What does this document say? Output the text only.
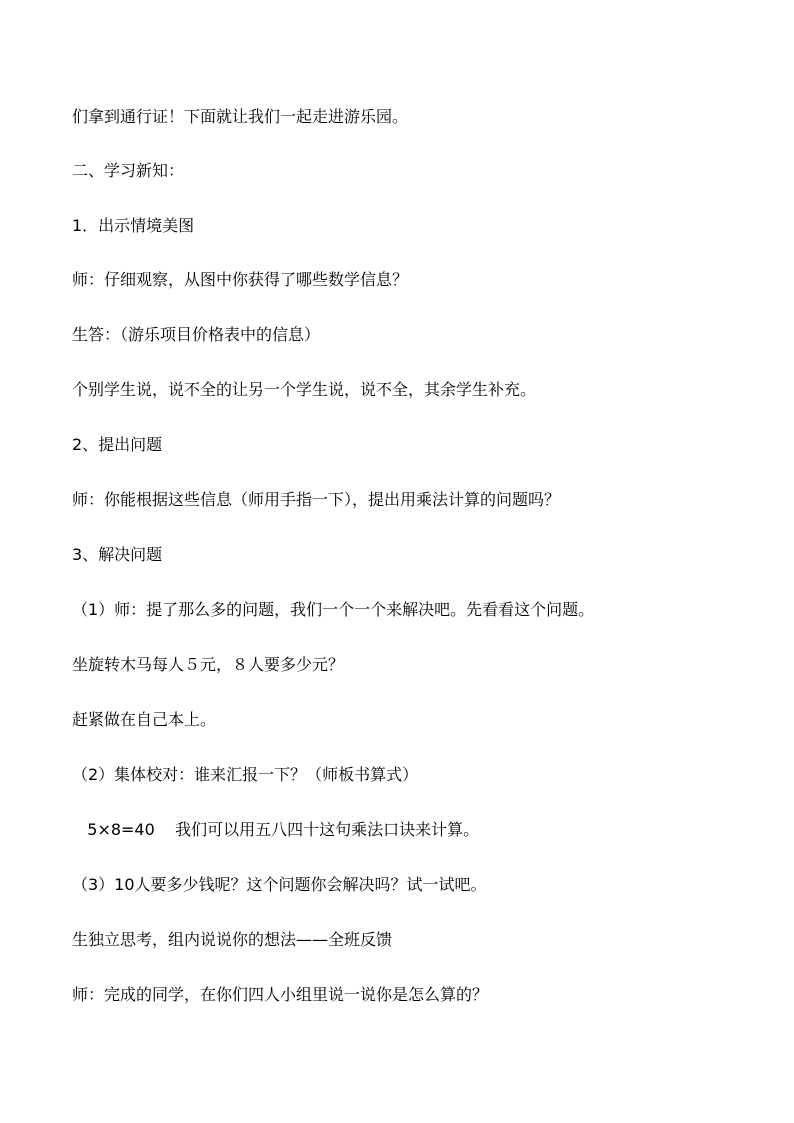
们拿到通行证！下面就让我们一起走进游乐园。
二、学习新知：
1．出示情境美图
师：仔细观察，从图中你获得了哪些数学信息？
生答：（游乐项目价格表中的信息）
个别学生说，说不全的让另一个学生说，说不全，其余学生补充。
2、提出问题
师：你能根据这些信息（师用手指一下），提出用乘法计算的问题吗？
3、解决问题
（1）师：提了那么多的问题，我们一个一个来解决吧。先看看这个问题。
坐旋转木马每人５元，８人要多少元？
赶紧做在自己本上。
（2）集体校对：谁来汇报一下？（师板书算式）
5×8=40    我们可以用五八四十这句乘法口诀来计算。
（3）10人要多少钱呢？这个问题你会解决吗？试一试吧。
生独立思考，组内说说你的想法——全班反馈
师：完成的同学，在你们四人小组里说一说你是怎么算的？
